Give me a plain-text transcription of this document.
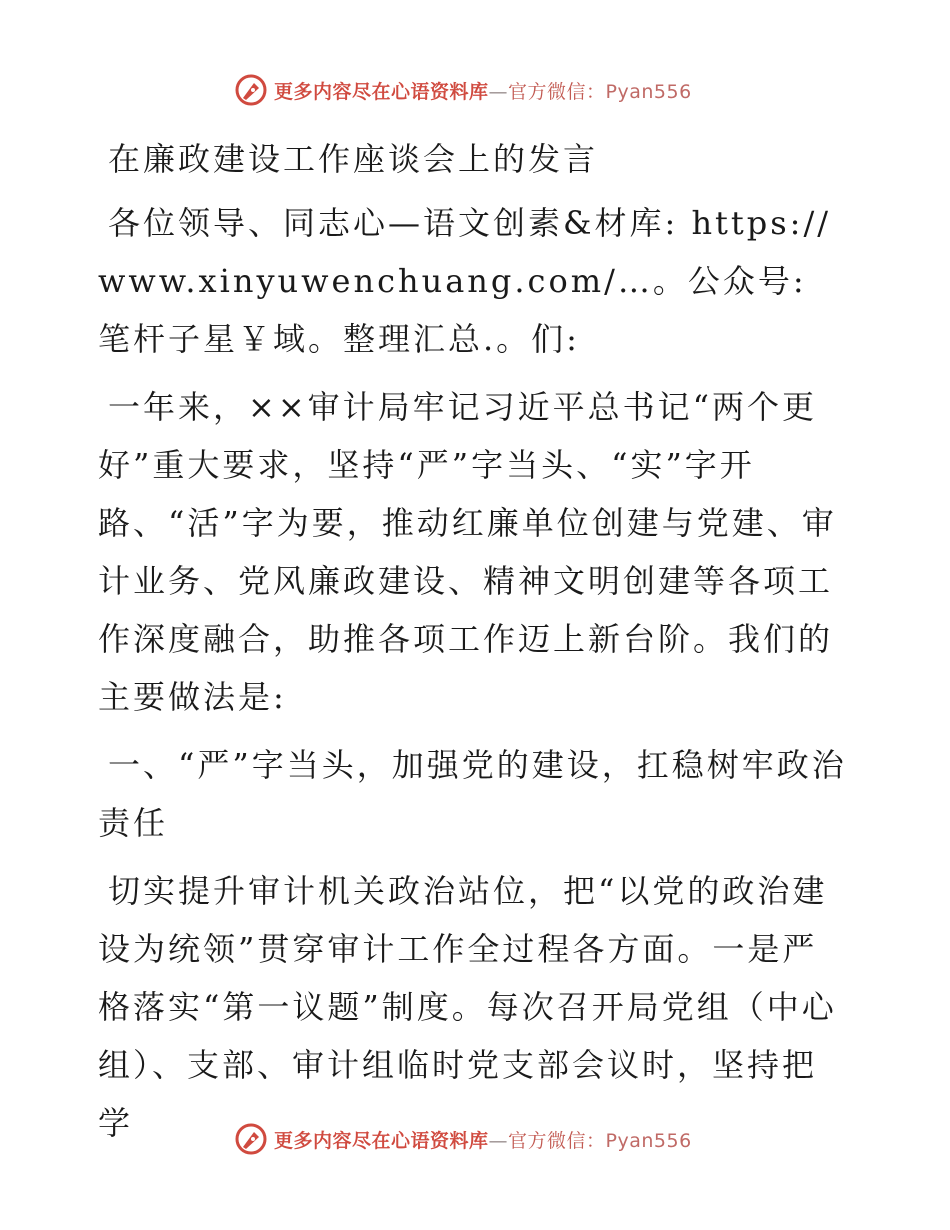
更多内容尽在心语资料库—官方微信：Pyan556

在廉政建设工作座谈会上的发言

各位领导、同志心—语文创素&材库: https:// www.xinyuwenchuang.com/…。公众号: 笔杆子星￥域。整理汇总.。们:

一年来，××审计局牢记习近平总书记“两个更好”重大要求，坚持“严”字当头、“实”字开路、“活”字为要，推动红廉单位创建与党建、审计业务、党风廉政建设、精神文明创建等各项工作深度融合，助推各项工作迈上新台阶。我们的主要做法是:

一、“严”字当头，加强党的建设，扛稳树牢政治责任

切实提升审计机关政治站位，把“以党的政治建设为统领”贯穿审计工作全过程各方面。一是严格落实“第一议题”制度。每次召开局党组（中心组）、支部、审计组临时党支部会议时，坚持把学	更多内容尽在心语资料库—官方微信：Pyan556
